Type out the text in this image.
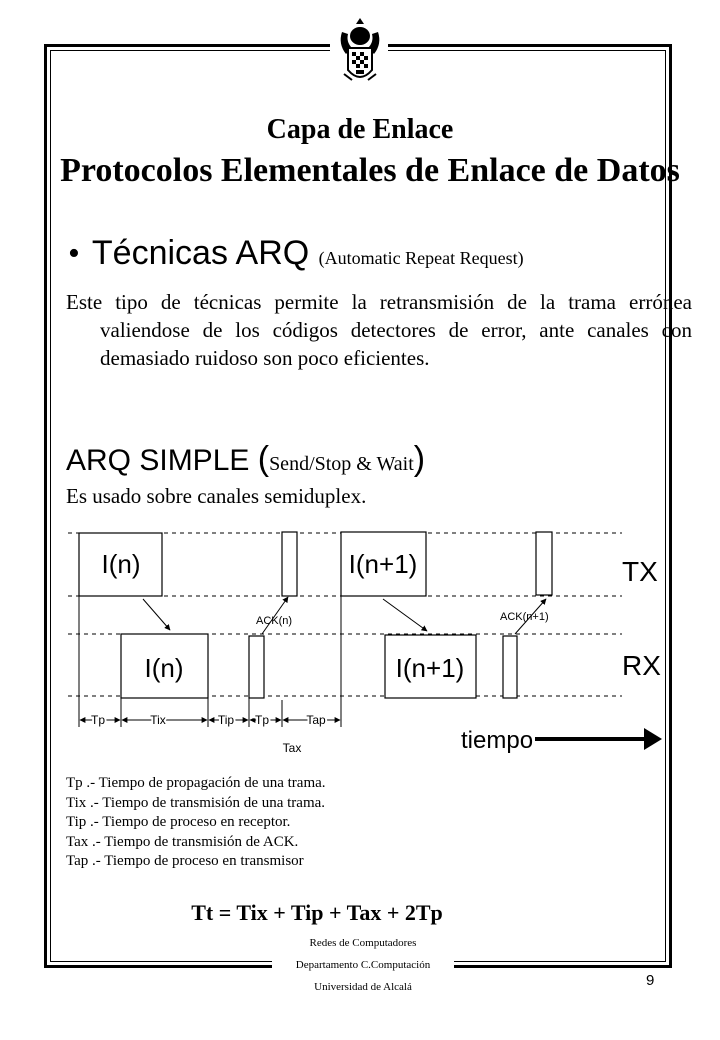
Capa de Enlace
Protocolos Elementales de Enlace de Datos
• Técnicas ARQ (Automatic Repeat Request)
Este tipo de técnicas permite la retransmisión de la trama errónea valiendose de los códigos detectores de error, ante canales con demasiado ruidoso son poco eficientes.
ARQ SIMPLE (Send/Stop & Wait)
Es usado sobre canales semiduplex.
I(n)
I(n)
I(n+1)
I(n+1)
ACK(n)	ACK(n+1)
TX
RX
Tp	Tix	Tip Tp	Tap
Tax	tiempo
Tp .- Tiempo de propagación de una trama.
Tix .- Tiempo de transmisión de una trama.
Tip .- Tiempo de proceso en receptor.
Tax .- Tiempo de transmisión de ACK.
Tap .- Tiempo de proceso en transmisor
Tt = Tix + Tip + Tax + 2Tp
Redes de Computadores
Departamento C.Computación
Universidad de Alcalá	9
